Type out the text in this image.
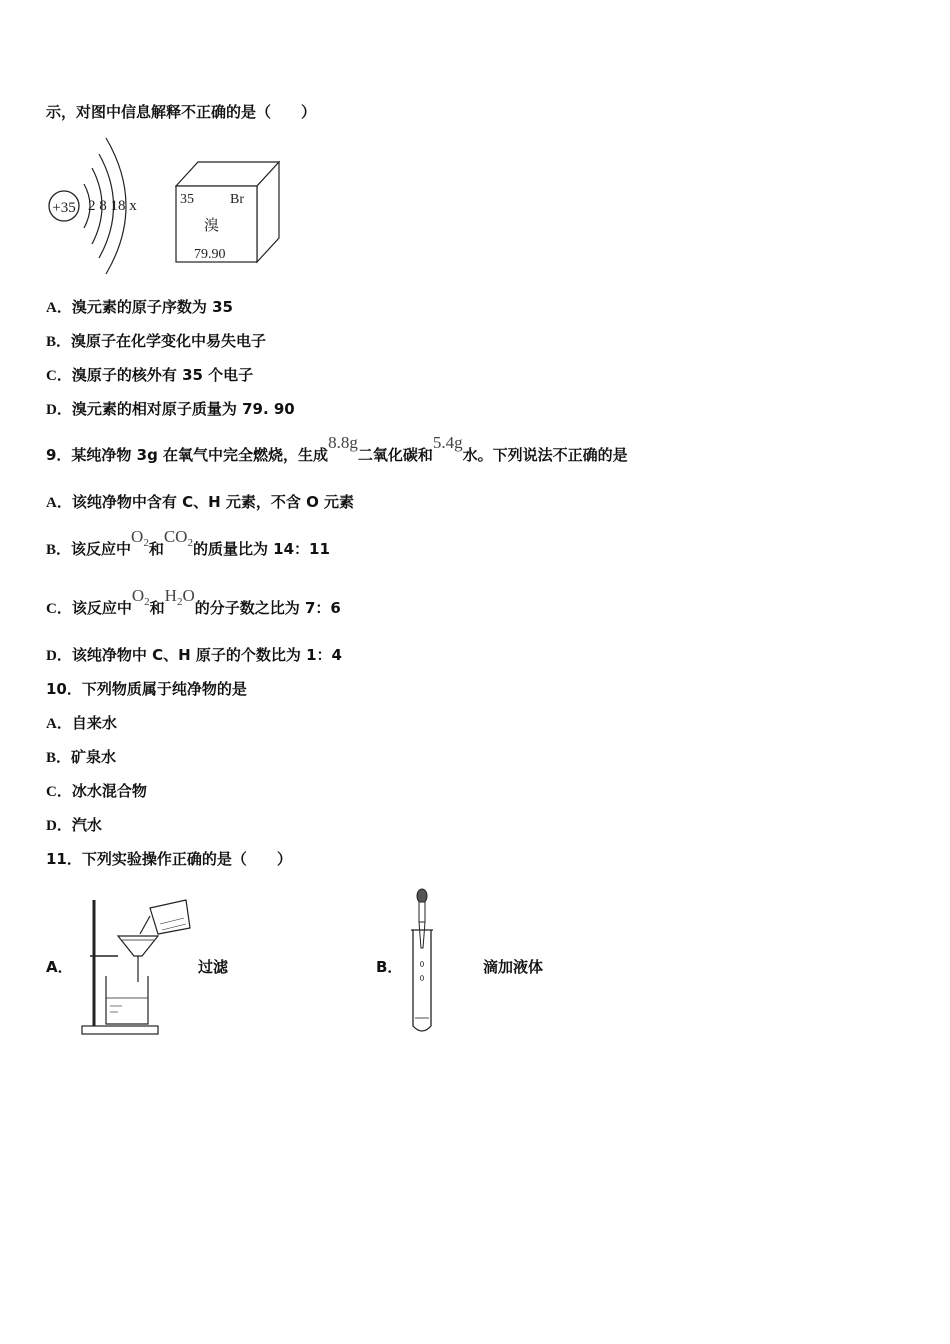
示，对图中信息解释不正确的是（　　）
+35 2 8 18 x	35	Br
溴
79.90
A．溴元素的原子序数为 35
B．溴原子在化学变化中易失电子
C．溴原子的核外有 35 个电子
D．溴元素的相对原子质量为 79. 90
9．某纯净物 3g 在氧气中完全燃烧，生成8.8g二氧化碳和5.4g水。下列说法不正确的是
A．该纯净物中含有 C、H 元素，不含 O 元素
B．该反应中$O_2$和$CO_2$的质量比为 14：11
C．该反应中$O_2$和$H_2O$的分子数之比为 7：6
D．该纯净物中 C、H 原子的个数比为 1：4
10．下列物质属于纯净物的是
A．自来水
B．矿泉水
C．冰水混合物
D．汽水
11．下列实验操作正确的是（　　）
A．	过滤	B．	滴加液体
